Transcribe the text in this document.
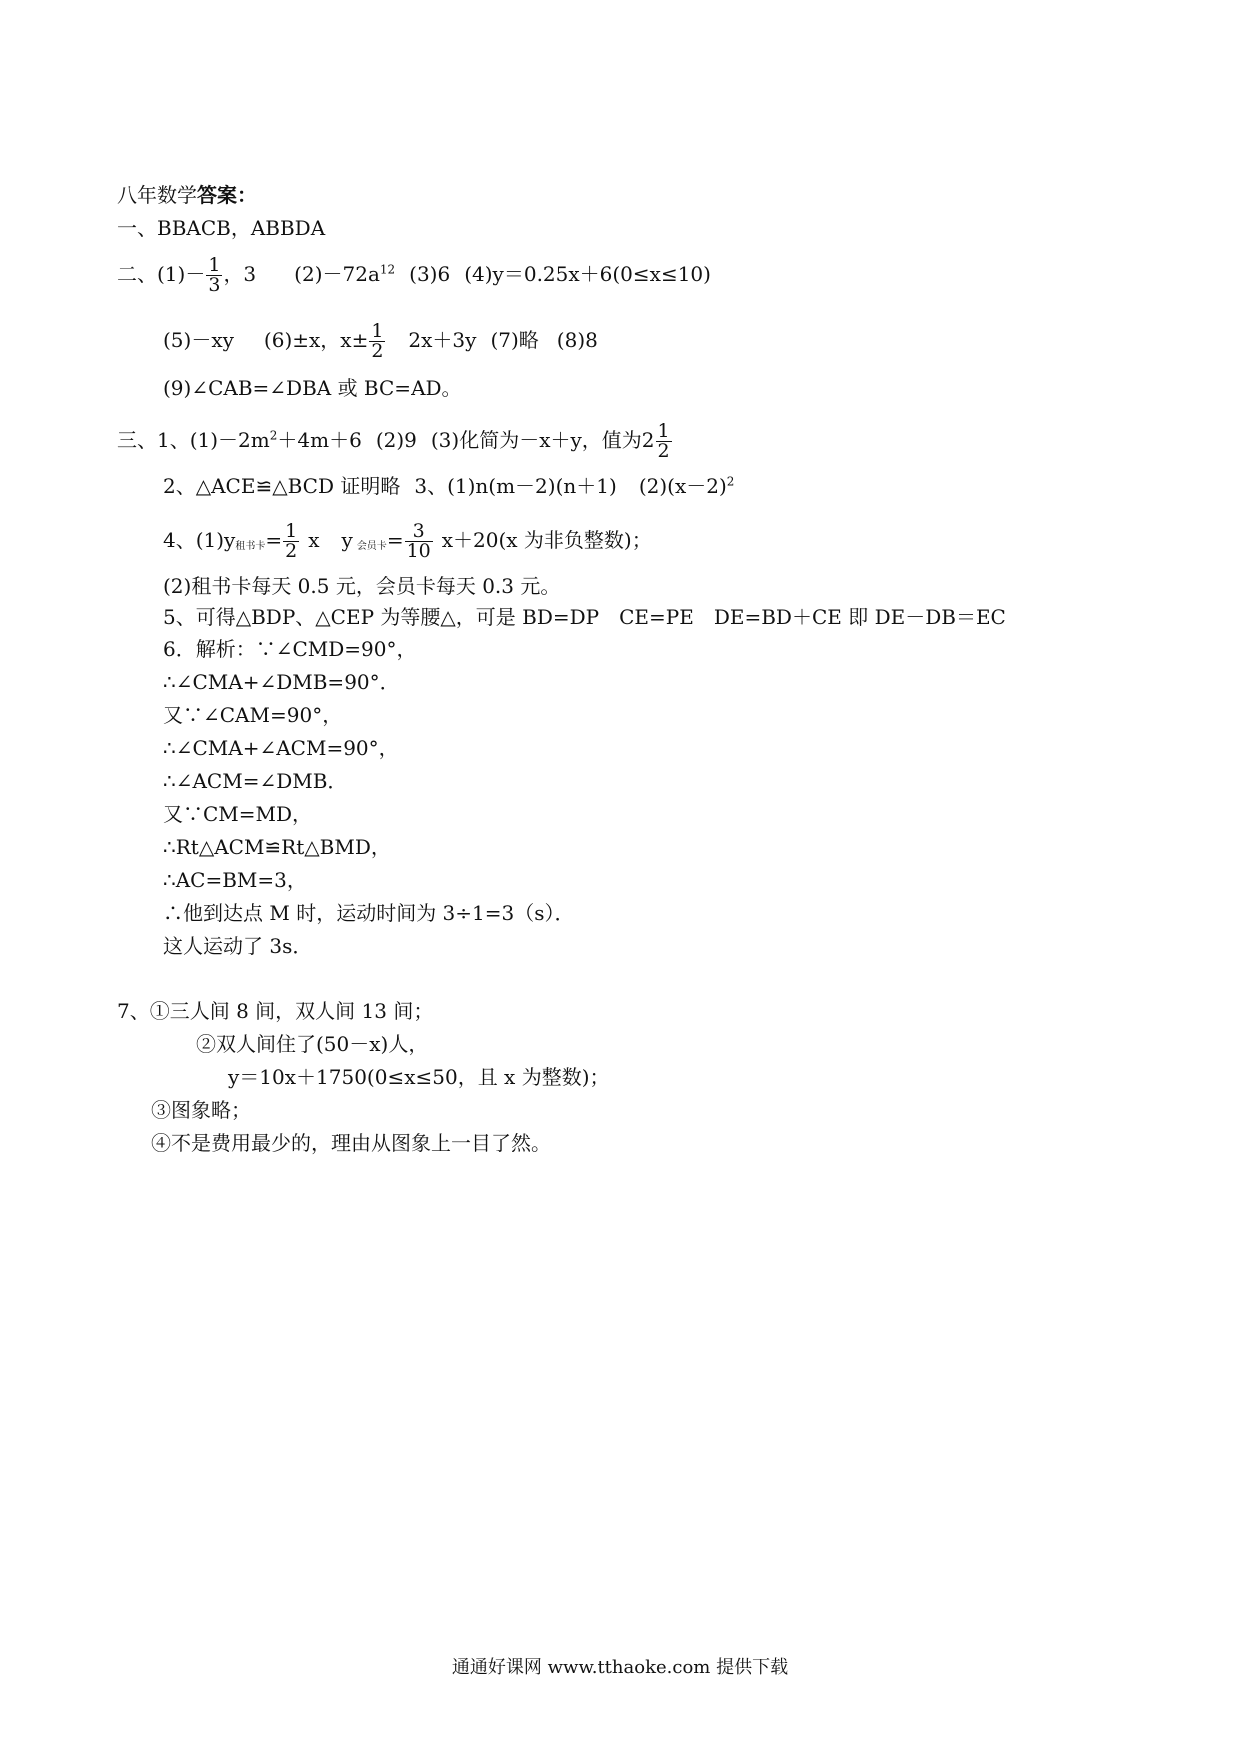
八年数学答案：
一、BBACB，ABBDA
二、$(1)- \frac{1}{3}$ ，3 $(2)-72a^{12}$ (3)6 (4)y＝0.25x＋6(0≤x≤10)
(5)－xy (6)±x，$x\pm \frac{1}{2} 2x+3y$ (7)略 (8)8
(9)∠CAB=∠DBA 或 BC=AD。
三、1、$(1)-2m^2+4m+6$ (2)9 (3)化简为－x＋y，值为$2 \frac{1}{2}$
2、△ACE≌△BCD 证明略 3、(1)n(m－2)(n＋1) $(2)(x-2)^2$
4、$(1)y_{租书卡}= \frac{1}{2}$ x y $_{会员卡}= \frac{3}{10} x+20(x$ 为非负整数)；
(2)租书卡每天 0.5 元，会员卡每天 0.3 元。
5、可得△BDP、△CEP 为等腰△，可是 BD=DP　CE=PE　DE=BD＋CE 即 DE－DB＝EC
6．解析：∵∠CMD=90°，
∴∠CMA+∠DMB=90°．
又∵∠CAM=90°，
∴∠CMA+∠ACM=90°，
∴∠ACM=∠DMB．
又∵CM=MD，
∴Rt△ACM≌Rt△BMD，
∴AC=BM=3，
∴他到达点 M 时，运动时间为 3÷1=3（s）．
这人运动了 3s．
7、①三人间 8 间，双人间 13 间；
②双人间住了(50－x)人，
y＝10x＋1750(0≤x≤50，且 x 为整数)；
③图象略；
④不是费用最少的，理由从图象上一目了然。
通通好课网 www.tthaoke.com 提供下载
